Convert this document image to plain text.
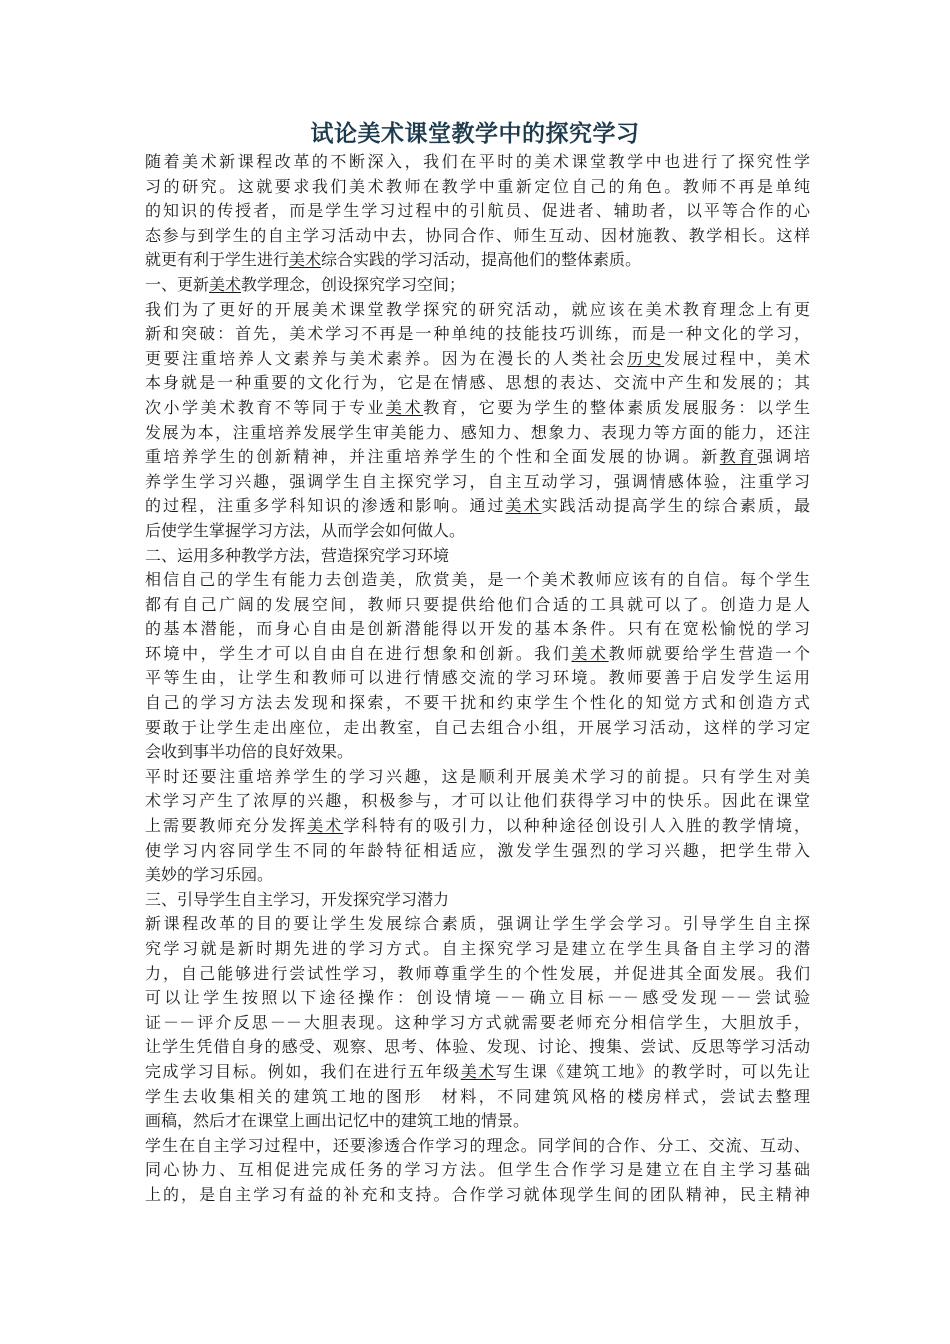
试论美术课堂教学中的探究学习
随着美术新课程改革的不断深入，我们在平时的美术课堂教学中也进行了探究性学
习的研究。这就要求我们美术教师在教学中重新定位自己的角色。教师不再是单纯
的知识的传授者，而是学生学习过程中的引航员、促进者、辅助者，以平等合作的心
态参与到学生的自主学习活动中去，协同合作、师生互动、因材施教、教学相长。这样
就更有利于学生进行美术综合实践的学习活动，提高他们的整体素质。
一、更新美术教学理念，创设探究学习空间；
我们为了更好的开展美术课堂教学探究的研究活动，就应该在美术教育理念上有更
新和突破：首先，美术学习不再是一种单纯的技能技巧训练，而是一种文化的学习，
更要注重培养人文素养与美术素养。因为在漫长的人类社会历史发展过程中，美术
本身就是一种重要的文化行为，它是在情感、思想的表达、交流中产生和发展的；其
次小学美术教育不等同于专业美术教育，它要为学生的整体素质发展服务：以学生
发展为本，注重培养发展学生审美能力、感知力、想象力、表现力等方面的能力，还注
重培养学生的创新精神，并注重培养学生的个性和全面发展的协调。新教育强调培
养学生学习兴趣，强调学生自主探究学习，自主互动学习，强调情感体验，注重学习
的过程，注重多学科知识的渗透和影响。通过美术实践活动提高学生的综合素质，最
后使学生掌握学习方法，从而学会如何做人。
二、运用多种教学方法，营造探究学习环境
相信自己的学生有能力去创造美，欣赏美，是一个美术教师应该有的自信。每个学生
都有自己广阔的发展空间，教师只要提供给他们合适的工具就可以了。创造力是人
的基本潜能，而身心自由是创新潜能得以开发的基本条件。只有在宽松愉悦的学习
环境中，学生才可以自由自在进行想象和创新。我们美术教师就要给学生营造一个
平等生由，让学生和教师可以进行情感交流的学习环境。教师要善于启发学生运用
自己的学习方法去发现和探索，不要干扰和约束学生个性化的知觉方式和创造方式
要敢于让学生走出座位，走出教室，自己去组合小组，开展学习活动，这样的学习定
会收到事半功倍的良好效果。
平时还要注重培养学生的学习兴趣，这是顺利开展美术学习的前提。只有学生对美
术学习产生了浓厚的兴趣，积极参与，才可以让他们获得学习中的快乐。因此在课堂
上需要教师充分发挥美术学科特有的吸引力，以种种途径创设引人入胜的教学情境，
使学习内容同学生不同的年龄特征相适应，激发学生强烈的学习兴趣，把学生带入
美妙的学习乐园。
三、引导学生自主学习，开发探究学习潜力
新课程改革的目的要让学生发展综合素质，强调让学生学会学习。引导学生自主探
究学习就是新时期先进的学习方式。自主探究学习是建立在学生具备自主学习的潜
力，自己能够进行尝试性学习，教师尊重学生的个性发展，并促进其全面发展。我们
可以让学生按照以下途径操作：创设情境－－确立目标－－感受发现－－尝试验
证－－评介反思－－大胆表现。这种学习方式就需要老师充分相信学生，大胆放手，
让学生凭借自身的感受、观察、思考、体验、发现、讨论、搜集、尝试、反思等学习活动
完成学习目标。例如，我们在进行五年级美术写生课《建筑工地》的教学时，可以先让
学生去收集相关的建筑工地的图形　材料，不同建筑风格的楼房样式，尝试去整理
画稿，然后才在课堂上画出记忆中的建筑工地的情景。
学生在自主学习过程中，还要渗透合作学习的理念。同学间的合作、分工、交流、互动、
同心协力、互相促进完成任务的学习方法。但学生合作学习是建立在自主学习基础
上的，是自主学习有益的补充和支持。合作学习就体现学生间的团队精神，民主精神
